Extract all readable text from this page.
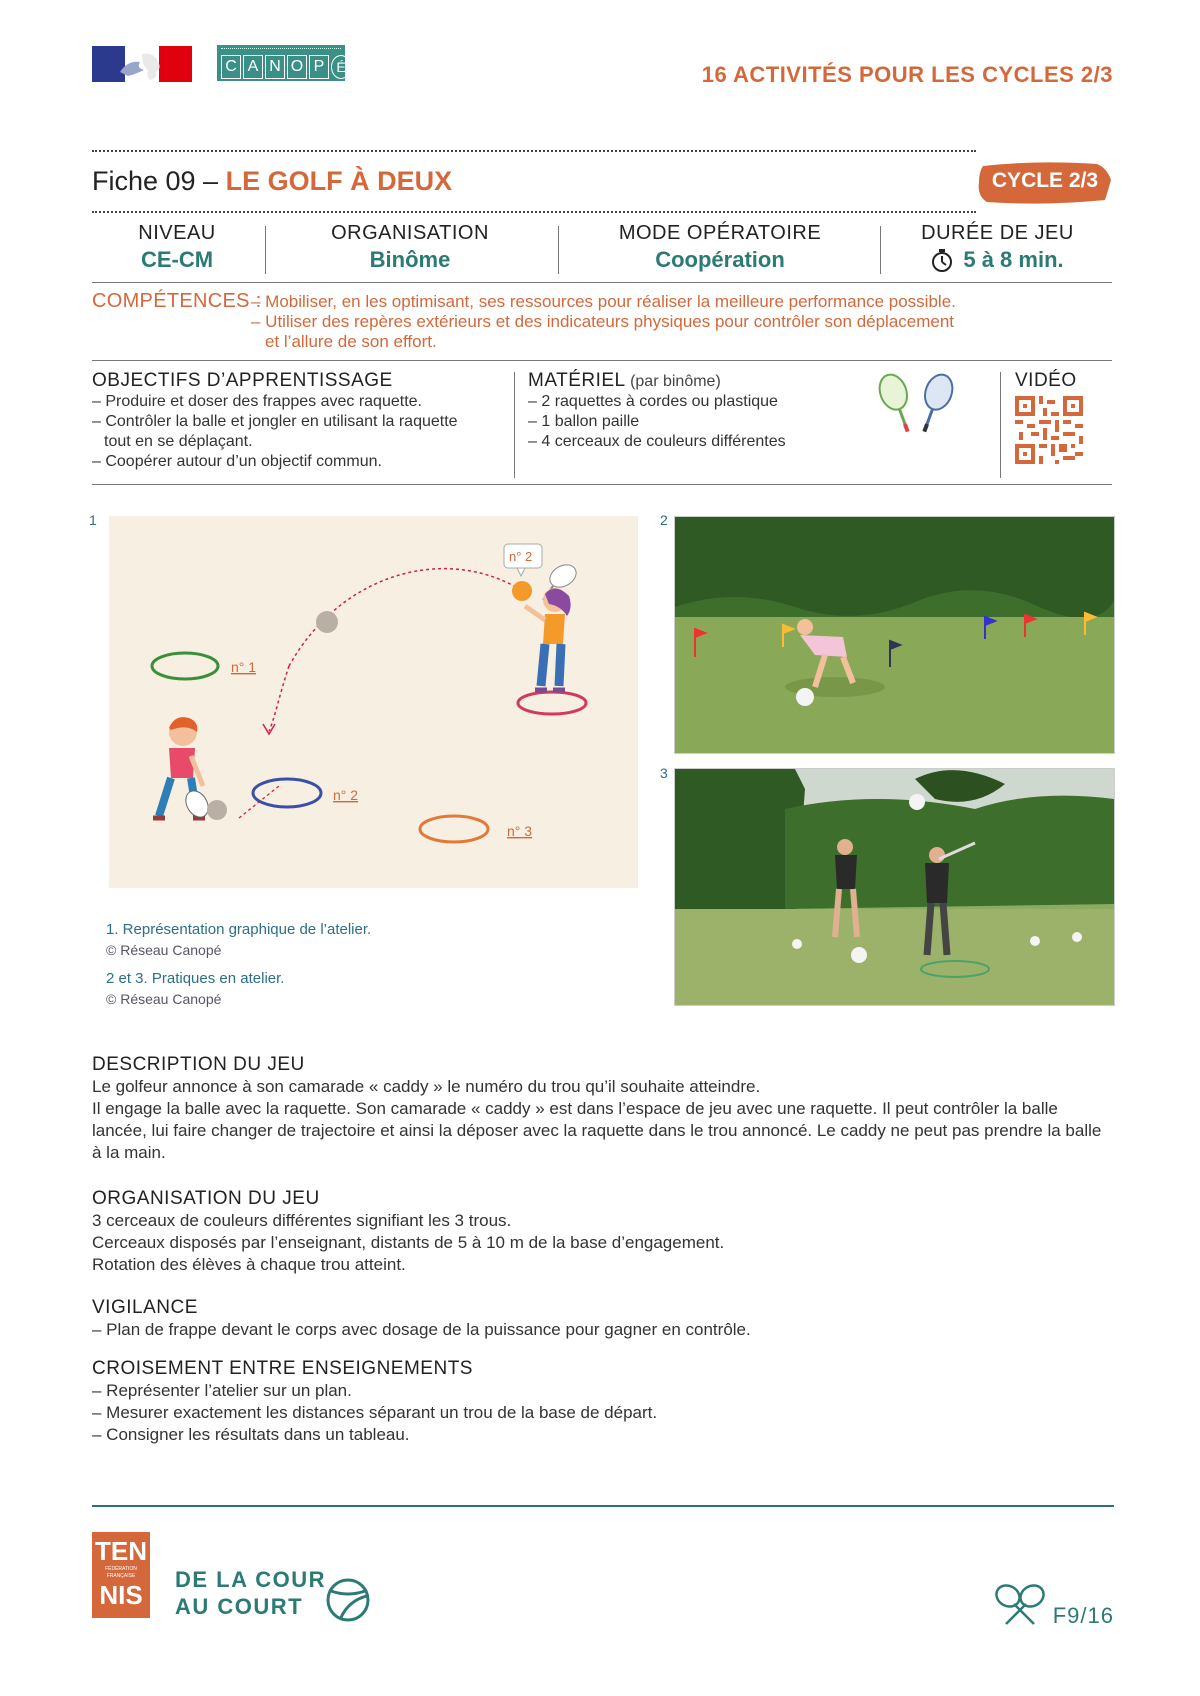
C A N O P É	16 ACTIVITÉS POUR LES CYCLES 2/3
Fiche 09 – LE GOLF À DEUX	CYCLE 2/3
NIVEAU
CE-CM
ORGANISATION
Binôme
MODE OPÉRATOIRE
Coopération
DURÉE DE JEU
5 à 8 min.
COMPÉTENCES :
– Mobiliser, en les optimisant, ses ressources pour réaliser la meilleure performance possible.
– Utiliser des repères extérieurs et des indicateurs physiques pour contrôler son déplacement
et l’allure de son effort.
OBJECTIFS D’APPRENTISSAGE
– Produire et doser des frappes avec raquette.
– Contrôler la balle et jongler en utilisant la raquette
tout en se déplaçant.
– Coopérer autour d’un objectif commun.
MATÉRIEL (par binôme)
– 2 raquettes à cordes ou plastique
– 1 ballon paille
– 4 cerceaux de couleurs différentes
VIDÉO
1
n° 1
n° 2
n° 3
n° 2
2
3
1. Représentation graphique de l’atelier.
© Réseau Canopé
2 et 3. Pratiques en atelier.
© Réseau Canopé
DESCRIPTION DU JEU
Le golfeur annonce à son camarade « caddy » le numéro du trou qu’il souhaite atteindre.
Il engage la balle avec la raquette. Son camarade « caddy » est dans l’espace de jeu avec une raquette. Il peut contrôler la balle lancée, lui faire changer de trajectoire et ainsi la déposer avec la raquette dans le trou annoncé. Le caddy ne peut pas prendre la balle à la main.
ORGANISATION DU JEU
3 cerceaux de couleurs différentes signifiant les 3 trous.
Cerceaux disposés par l’enseignant, distants de 5 à 10 m de la base d’engagement.
Rotation des élèves à chaque trou atteint.
VIGILANCE
– Plan de frappe devant le corps avec dosage de la puissance pour gagner en contrôle.
CROISEMENT ENTRE ENSEIGNEMENTS
– Représenter l’atelier sur un plan.
– Mesurer exactement les distances séparant un trou de la base de départ.
– Consigner les résultats dans un tableau.
TEN
FÉDÉRATION FRANÇAISE
NIS
DE LA COUR
AU COURT	F9/16
